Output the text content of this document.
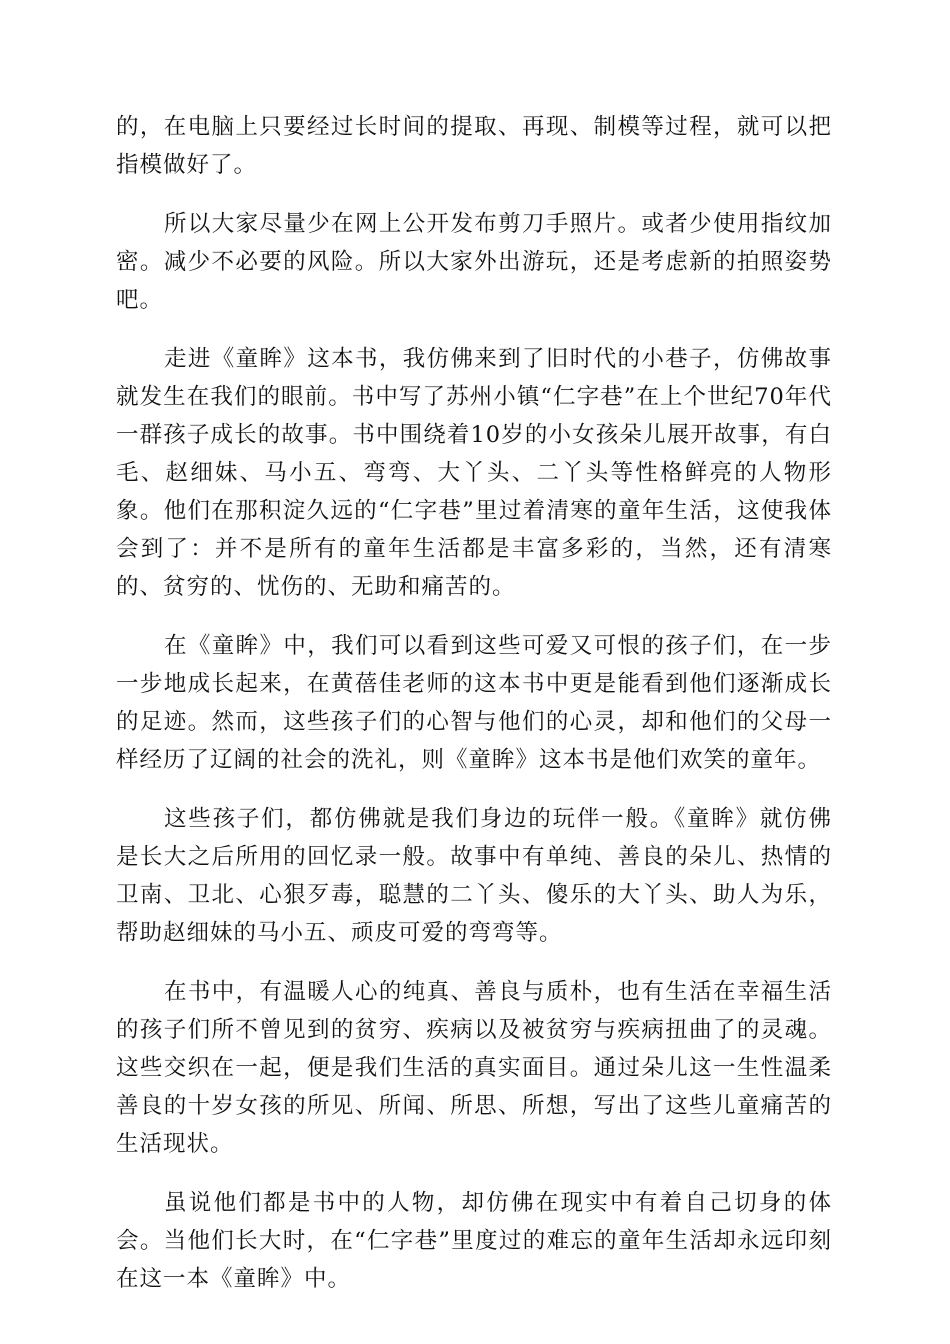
的，在电脑上只要经过长时间的提取、再现、制模等过程，就可以把指模做好了。

所以大家尽量少在网上公开发布剪刀手照片。或者少使用指纹加密。减少不必要的风险。所以大家外出游玩，还是考虑新的拍照姿势吧。

走进《童眸》这本书，我仿佛来到了旧时代的小巷子，仿佛故事就发生在我们的眼前。书中写了苏州小镇“仁字巷”在上个世纪70年代一群孩子成长的故事。书中围绕着10岁的小女孩朵儿展开故事，有白毛、赵细妹、马小五、弯弯、大丫头、二丫头等性格鲜亮的人物形象。他们在那积淀久远的“仁字巷”里过着清寒的童年生活，这使我体会到了：并不是所有的童年生活都是丰富多彩的，当然，还有清寒的、贫穷的、忧伤的、无助和痛苦的。

在《童眸》中，我们可以看到这些可爱又可恨的孩子们，在一步一步地成长起来，在黄蓓佳老师的这本书中更是能看到他们逐渐成长的足迹。然而，这些孩子们的心智与他们的心灵，却和他们的父母一样经历了辽阔的社会的洗礼，则《童眸》这本书是他们欢笑的童年。

这些孩子们，都仿佛就是我们身边的玩伴一般。《童眸》就仿佛是长大之后所用的回忆录一般。故事中有单纯、善良的朵儿、热情的卫南、卫北、心狠歹毒，聪慧的二丫头、傻乐的大丫头、助人为乐，帮助赵细妹的马小五、顽皮可爱的弯弯等。

在书中，有温暖人心的纯真、善良与质朴，也有生活在幸福生活的孩子们所不曾见到的贫穷、疾病以及被贫穷与疾病扭曲了的灵魂。这些交织在一起，便是我们生活的真实面目。通过朵儿这一生性温柔善良的十岁女孩的所见、所闻、所思、所想，写出了这些儿童痛苦的生活现状。

虽说他们都是书中的人物，却仿佛在现实中有着自己切身的体会。当他们长大时，在“仁字巷”里度过的难忘的童年生活却永远印刻在这一本《童眸》中。
